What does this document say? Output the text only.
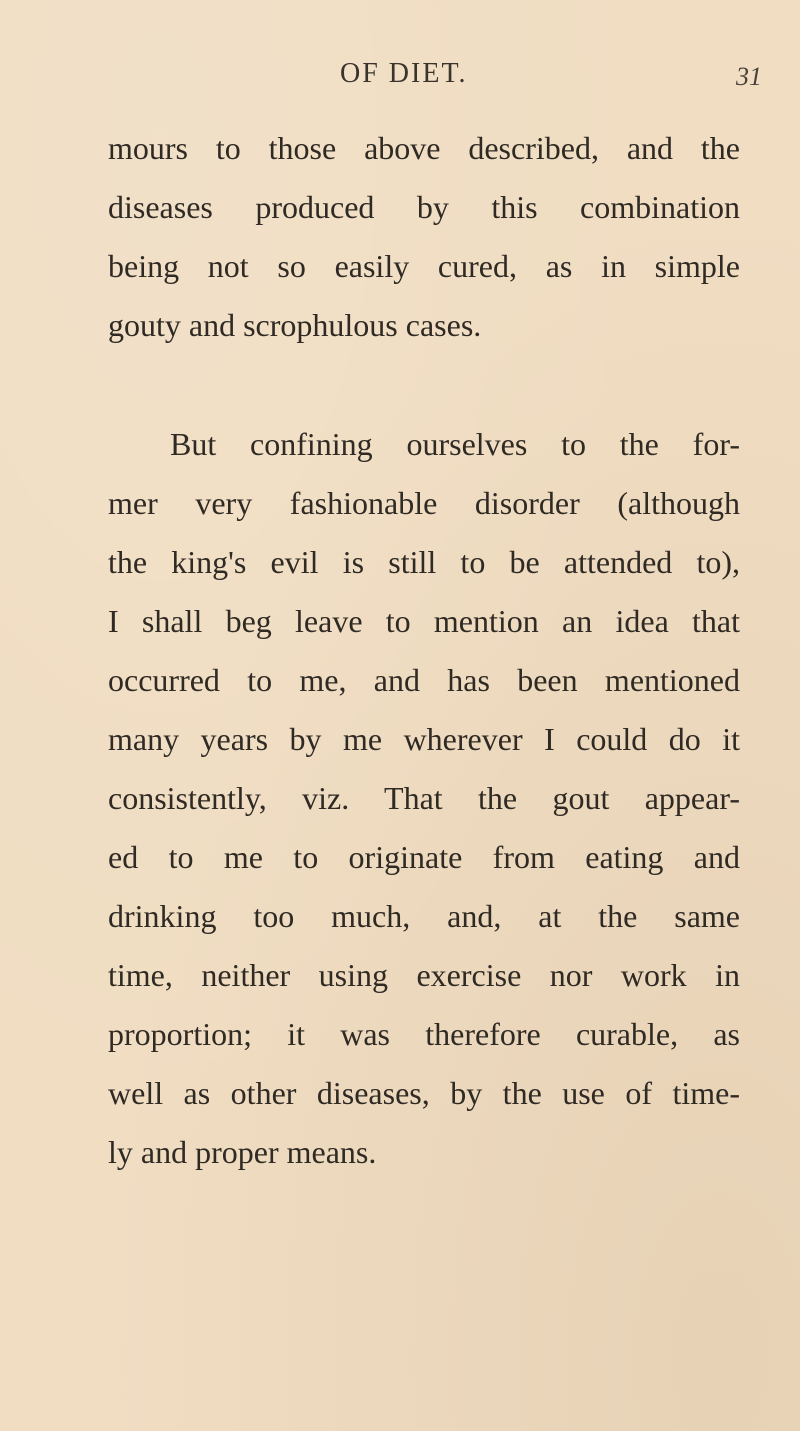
OF DIET.	31
mours to those above described, and the
diseases produced by this combination
being not so easily cured, as in simple
gouty and scrophulous cases.
But confining ourselves to the for-
mer very fashionable disorder (although
the king's evil is still to be attended to),
I shall beg leave to mention an idea that
occurred to me, and has been mentioned
many years by me wherever I could do it
consistently, viz. That the gout appear-
ed to me to originate from eating and
drinking too much, and, at the same
time, neither using exercise nor work in
proportion; it was therefore curable, as
well as other diseases, by the use of time-
ly and proper means.
